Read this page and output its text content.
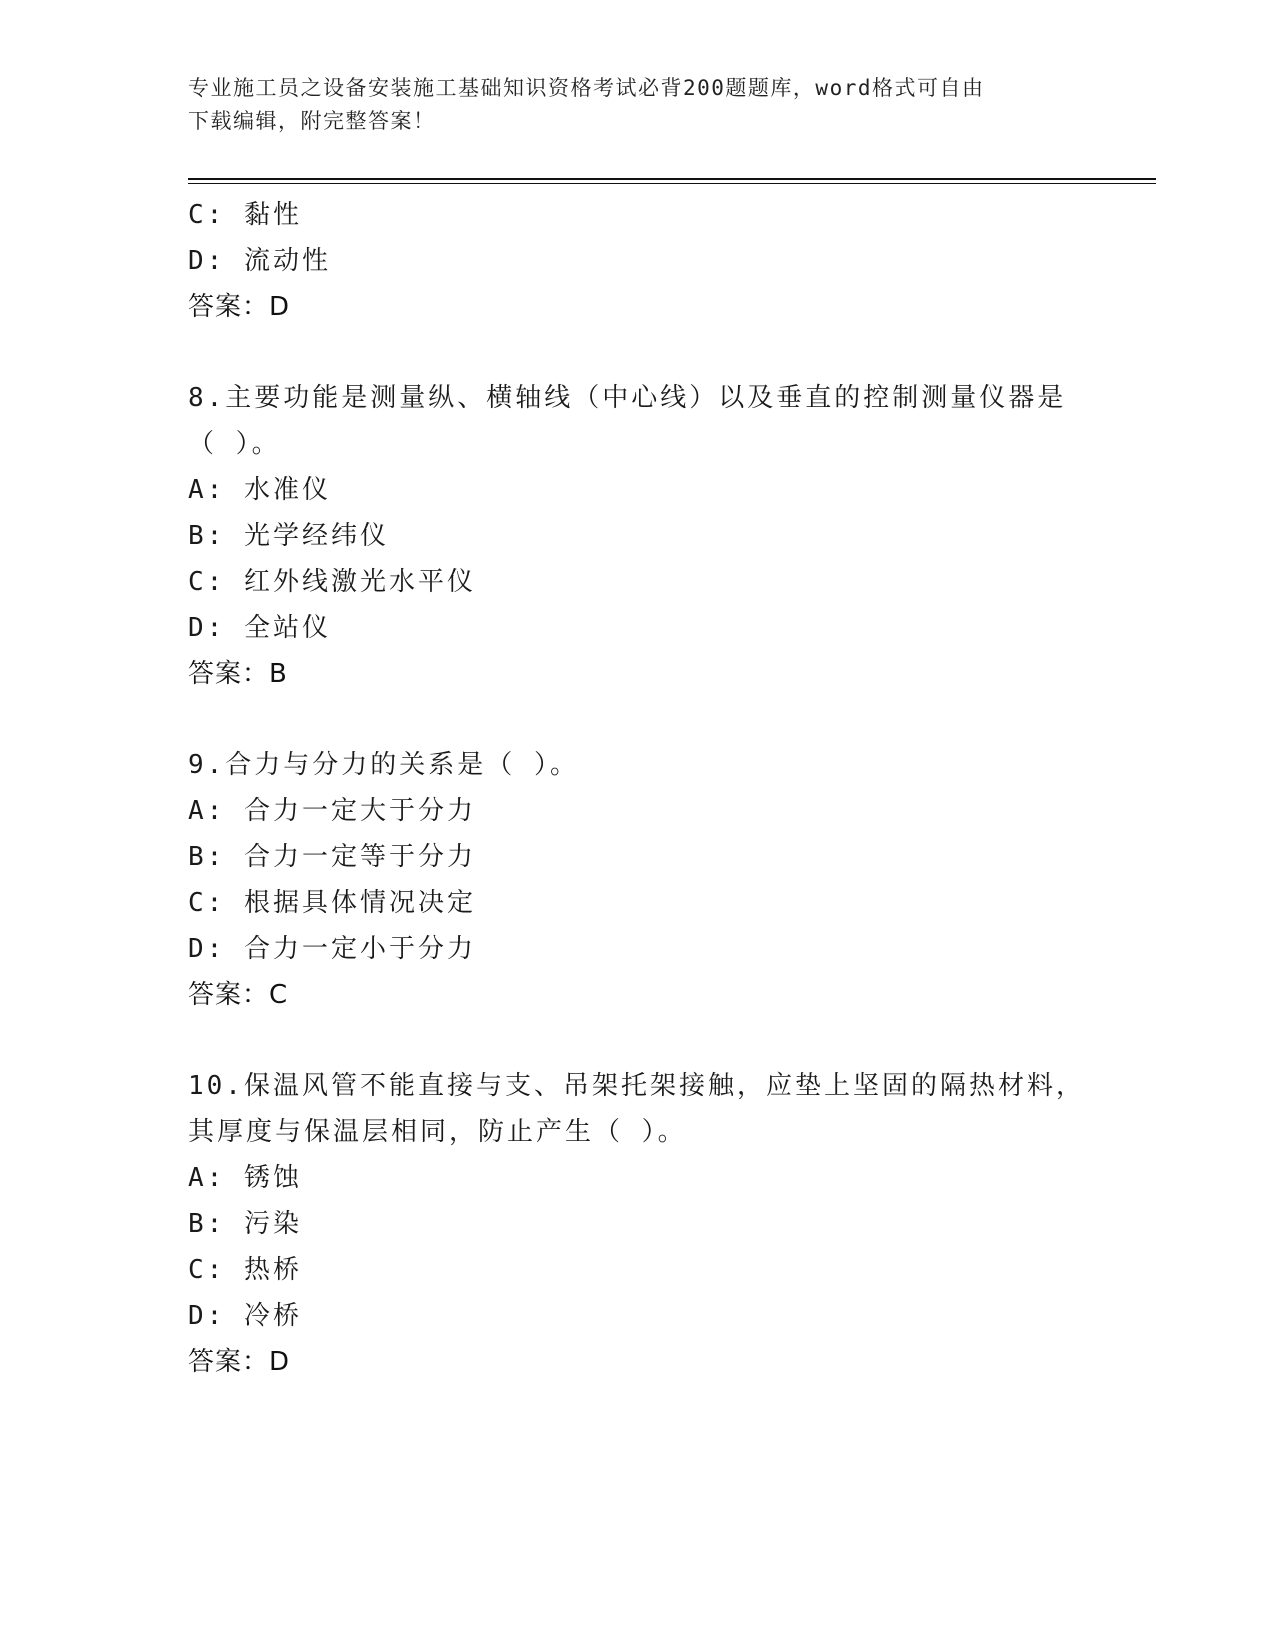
专业施工员之设备安装施工基础知识资格考试必背200题题库，word格式可自由
下载编辑，附完整答案！
C: 黏性
D: 流动性
答案：D
8.主要功能是测量纵、横轴线（中心线）以及垂直的控制测量仪器是
（ ）。
A: 水准仪
B: 光学经纬仪
C: 红外线激光水平仪
D: 全站仪
答案：B
9.合力与分力的关系是（ ）。
A: 合力一定大于分力
B: 合力一定等于分力
C: 根据具体情况决定
D: 合力一定小于分力
答案：C
10.保温风管不能直接与支、吊架托架接触，应垫上坚固的隔热材料，
其厚度与保温层相同，防止产生（ ）。
A: 锈蚀
B: 污染
C: 热桥
D: 冷桥
答案：D
